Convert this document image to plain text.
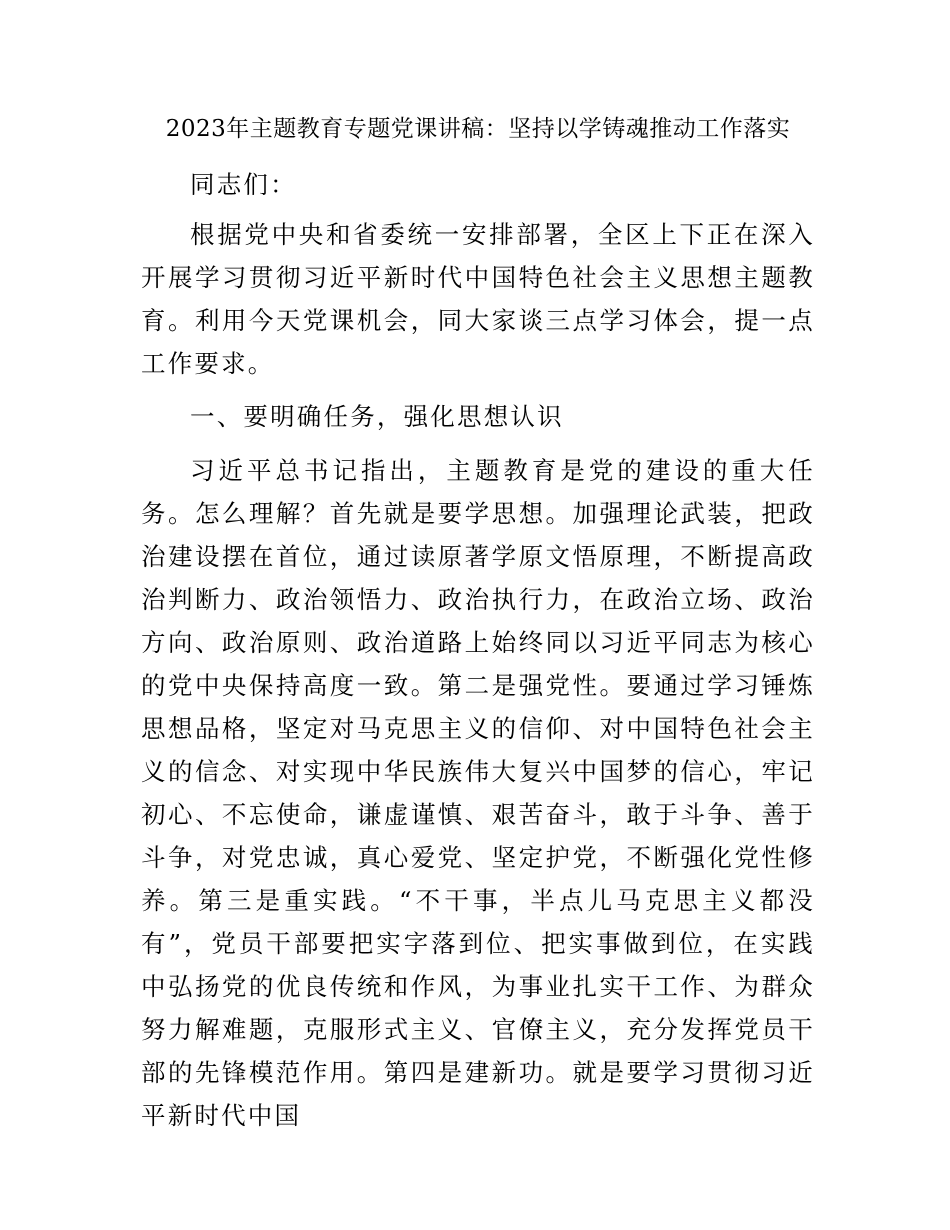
2023年主题教育专题党课讲稿：坚持以学铸魂推动工作落实

同志们：

根据党中央和省委统一安排部署，全区上下正在深入开展学习贯彻习近平新时代中国特色社会主义思想主题教育。利用今天党课机会，同大家谈三点学习体会，提一点工作要求。

一、要明确任务，强化思想认识

习近平总书记指出，主题教育是党的建设的重大任务。怎么理解？首先就是要学思想。加强理论武装，把政治建设摆在首位，通过读原著学原文悟原理，不断提高政治判断力、政治领悟力、政治执行力，在政治立场、政治方向、政治原则、政治道路上始终同以习近平同志为核心的党中央保持高度一致。第二是强党性。要通过学习锤炼思想品格，坚定对马克思主义的信仰、对中国特色社会主义的信念、对实现中华民族伟大复兴中国梦的信心，牢记初心、不忘使命，谦虚谨慎、艰苦奋斗，敢于斗争、善于斗争，对党忠诚，真心爱党、坚定护党，不断强化党性修养。第三是重实践。“不干事，半点儿马克思主义都没有”，党员干部要把实字落到位、把实事做到位，在实践中弘扬党的优良传统和作风，为事业扎实干工作、为群众努力解难题，克服形式主义、官僚主义，充分发挥党员干部的先锋模范作用。第四是建新功。就是要学习贯彻习近平新时代中国
